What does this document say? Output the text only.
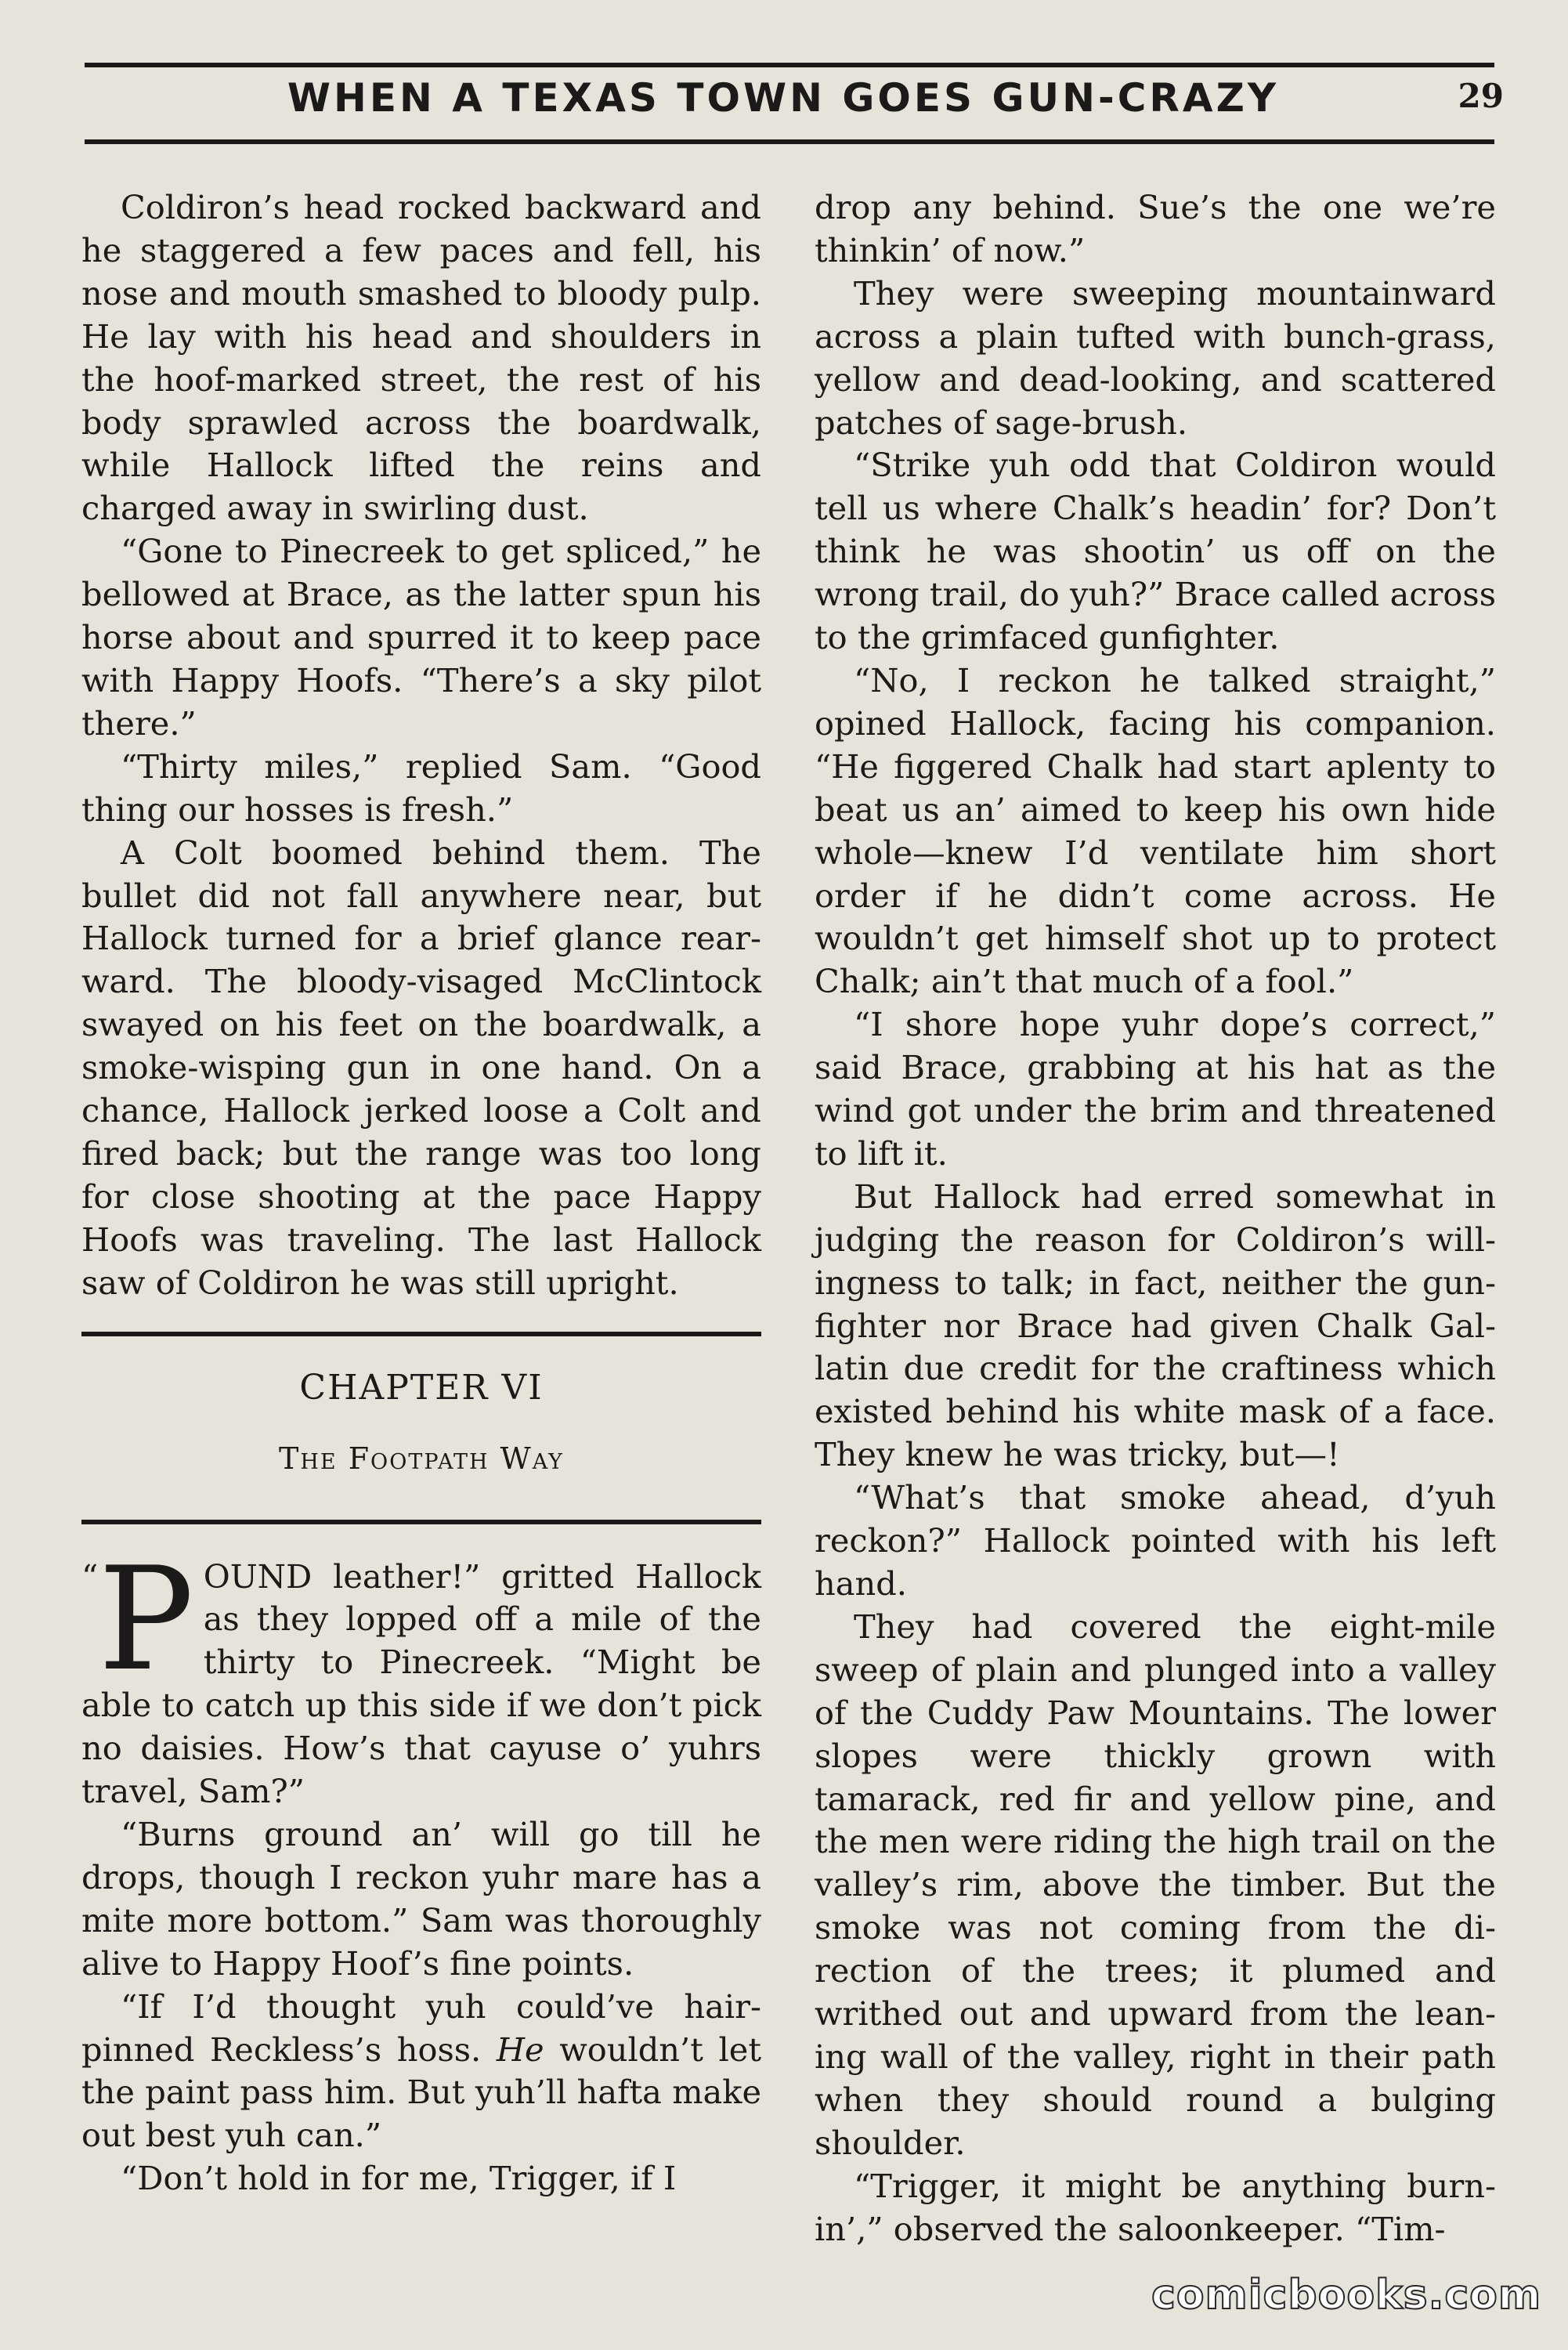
WHEN A TEXAS TOWN GOES GUN-CRAZY	29

Coldiron’s head rocked backward and he staggered a few paces and fell, his nose and mouth smashed to bloody pulp. He lay with his head and shoulders in the hoof-marked street, the rest of his body sprawled across the boardwalk, while Hallock lifted the reins and charged away in swirling dust.

“Gone to Pinecreek to get spliced,” he bellowed at Brace, as the latter spun his horse about and spurred it to keep pace with Happy Hoofs. “There’s a sky pilot there.”

“Thirty miles,” replied Sam. “Good thing our hosses is fresh.”

A Colt boomed behind them. The bullet did not fall anywhere near, but Hallock turned for a brief glance rearward. The bloody-visaged McClintock swayed on his feet on the boardwalk, a smoke-wisping gun in one hand. On a chance, Hallock jerked loose a Colt and fired back; but the range was too long for close shooting at the pace Happy Hoofs was traveling. The last Hallock saw of Coldiron he was still upright.

CHAPTER VI
The Footpath Way

“ P OUND leather!” gritted Hallock as they lopped off a mile of the thirty to Pinecreek. “Might be able to catch up this side if we don’t pick no daisies. How’s that cayuse o’ yuhrs travel, Sam?”

“Burns ground an’ will go till he drops, though I reckon yuhr mare has a mite more bottom.” Sam was thoroughly alive to Happy Hoof’s fine points.

“If I’d thought yuh could’ve hairpinned Reckless’s hoss. He wouldn’t let the paint pass him. But yuh’ll hafta make out best yuh can.”

“Don’t hold in for me, Trigger, if I

drop any behind. Sue’s the one we’re thinkin’ of now.”

They were sweeping mountainward across a plain tufted with bunch-grass, yellow and dead-looking, and scattered patches of sage-brush.

“Strike yuh odd that Coldiron would tell us where Chalk’s headin’ for? Don’t think he was shootin’ us off on the wrong trail, do yuh?” Brace called across to the grimfaced gunfighter.

“No, I reckon he talked straight,” opined Hallock, facing his companion. “He figgered Chalk had start aplenty to beat us an’ aimed to keep his own hide whole—knew I’d ventilate him short order if he didn’t come across. He wouldn’t get himself shot up to protect Chalk; ain’t that much of a fool.”

“I shore hope yuhr dope’s correct,” said Brace, grabbing at his hat as the wind got under the brim and threatened to lift it.

But Hallock had erred somewhat in judging the reason for Coldiron’s willingness to talk; in fact, neither the gunfighter nor Brace had given Chalk Gallatin due credit for the craftiness which existed behind his white mask of a face. They knew he was tricky, but—!

“What’s that smoke ahead, d’yuh reckon?” Hallock pointed with his left hand.

They had covered the eight-mile sweep of plain and plunged into a valley of the Cuddy Paw Mountains. The lower slopes were thickly grown with tamarack, red fir and yellow pine, and the men were riding the high trail on the valley’s rim, above the timber. But the smoke was not coming from the direction of the trees; it plumed and writhed out and upward from the leaning wall of the valley, right in their path when they should round a bulging shoulder.

“Trigger, it might be anything burnin’,” observed the saloonkeeper. “Tim-

comicbooks.com
